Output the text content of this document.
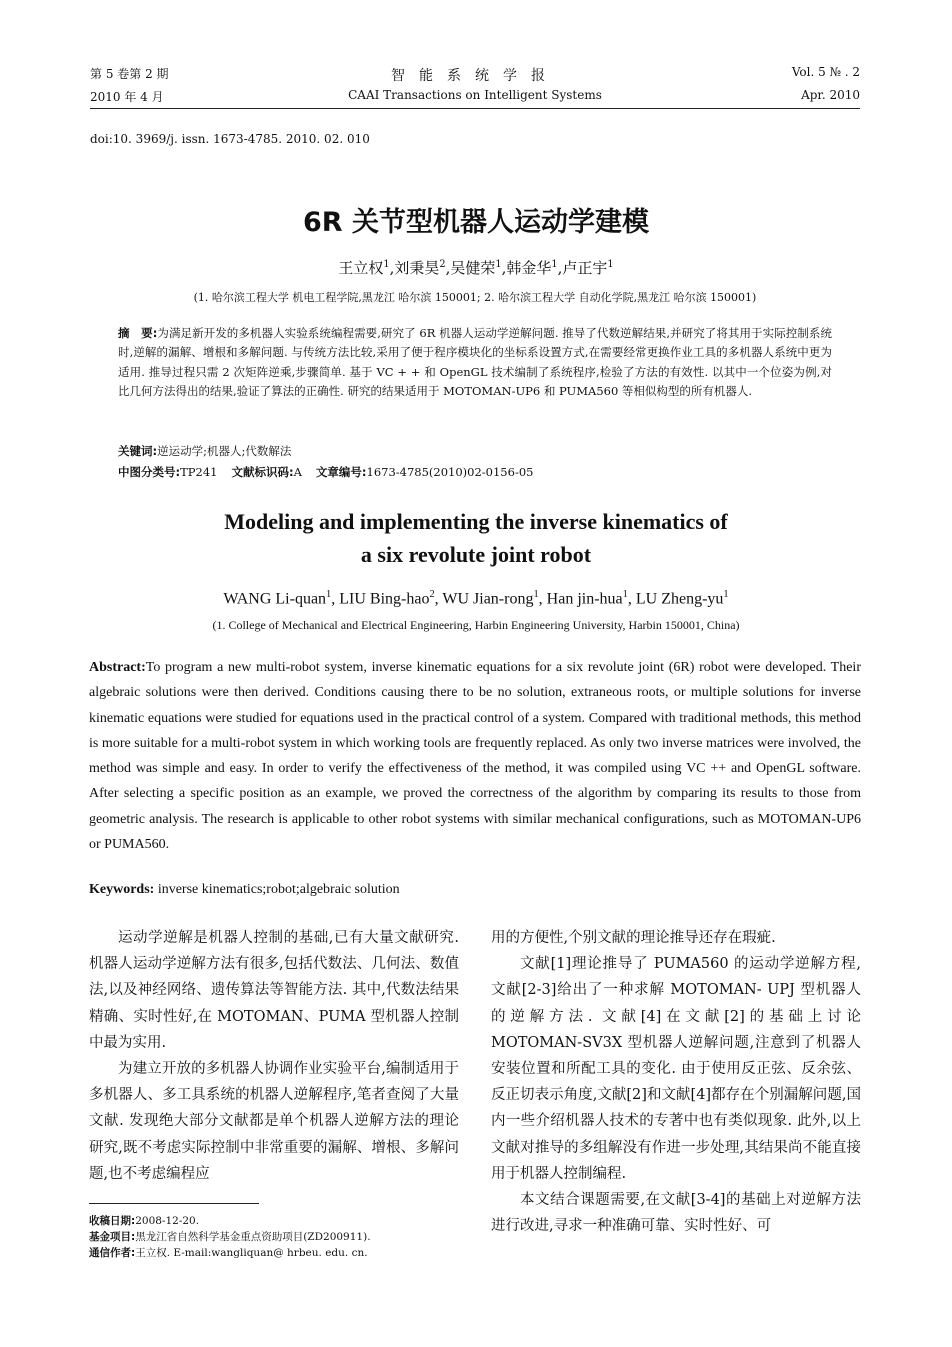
第 5 卷第 2 期	智能系统学报	Vol. 5 № . 2
2010 年 4 月	CAAI Transactions on Intelligent Systems	Apr. 2010
doi:10. 3969/j. issn. 1673-4785. 2010. 02. 010
6R 关节型机器人运动学建模
王立权$^1$,刘秉昊$^2$,吴健荣$^1$,韩金华$^1$,卢正宇$^1$
(1. 哈尔滨工程大学 机电工程学院,黑龙江 哈尔滨 150001; 2. 哈尔滨工程大学 自动化学院,黑龙江 哈尔滨 150001)
摘　要:为满足新开发的多机器人实验系统编程需要,研究了 6R 机器人运动学逆解问题. 推导了代数逆解结果,并研究了将其用于实际控制系统时,逆解的漏解、增根和多解问题. 与传统方法比较,采用了便于程序模块化的坐标系设置方式,在需要经常更换作业工具的多机器人系统中更为适用. 推导过程只需 2 次矩阵逆乘,步骤简单. 基于 VC + + 和 OpenGL 技术编制了系统程序,检验了方法的有效性. 以其中一个位姿为例,对比几何方法得出的结果,验证了算法的正确性. 研究的结果适用于 MOTOMAN-UP6 和 PUMA560 等相似构型的所有机器人.
关键词:逆运动学;机器人;代数解法
中图分类号:TP241 文献标识码:A 文章编号:1673-4785(2010)02-0156-05
Modeling and implementing the inverse kinematics of
a six revolute joint robot
WANG Li-quan$^1$, LIU Bing-hao$^2$, WU Jian-rong$^1$, Han jin-hua$^1$, LU Zheng-$yu^1$
(1. College of Mechanical and Electrical Engineering, Harbin Engineering University, Harbin 150001, China)
Abstract:To program a new multi-robot system, inverse kinematic equations for a six revolute joint (6R) robot were developed. Their algebraic solutions were then derived. Conditions causing there to be no solution, extraneous roots, or multiple solutions for inverse kinematic equations were studied for equations used in the practical control of a system. Compared with traditional methods, this method is more suitable for a multi-robot system in which working tools are frequently replaced. As only two inverse matrices were involved, the method was simple and easy. In order to verify the effectiveness of the method, it was compiled using VC ++ and OpenGL software. After selecting a specific position as an example, we proved the correctness of the algorithm by comparing its results to those from geometric analysis. The research is applicable to other robot systems with similar mechanical configurations, such as MOTOMAN-UP6 or PUMA560.
Keywords: inverse kinematics;robot;algebraic solution

运动学逆解是机器人控制的基础,已有大量文献研究. 机器人运动学逆解方法有很多,包括代数法、几何法、数值法,以及神经网络、遗传算法等智能方法. 其中,代数法结果精确、实时性好,在 MOTOMAN、PUMA 型机器人控制中最为实用.

为建立开放的多机器人协调作业实验平台,编制适用于多机器人、多工具系统的机器人逆解程序,笔者查阅了大量文献. 发现绝大部分文献都是单个机器人逆解方法的理论研究,既不考虑实际控制中非常重要的漏解、增根、多解问题,也不考虑编程应

用的方便性,个别文献的理论推导还存在瑕疵.

文献[1]理论推导了 PUMA560 的运动学逆解方程,文献[2-3]给出了一种求解 MOTOMAN- UPJ 型机器人的逆解方法. 文献[4]在文献[2]的基础上讨论 MOTOMAN-SV3X 型机器人逆解问题,注意到了机器人安装位置和所配工具的变化. 由于使用反正弦、反余弦、反正切表示角度,文献[2]和文献[4]都存在个别漏解问题,国内一些介绍机器人技术的专著中也有类似现象. 此外,以上文献对推导的多组解没有作进一步处理,其结果尚不能直接用于机器人控制编程.

本文结合课题需要,在文献[3-4]的基础上对逆解方法进行改进,寻求一种准确可靠、实时性好、可

收稿日期:2008-12-20.
基金项目:黑龙江省自然科学基金重点资助项目(ZD200911).
通信作者:王立权. E-mail:wangliquan@ hrbeu. edu. cn.
